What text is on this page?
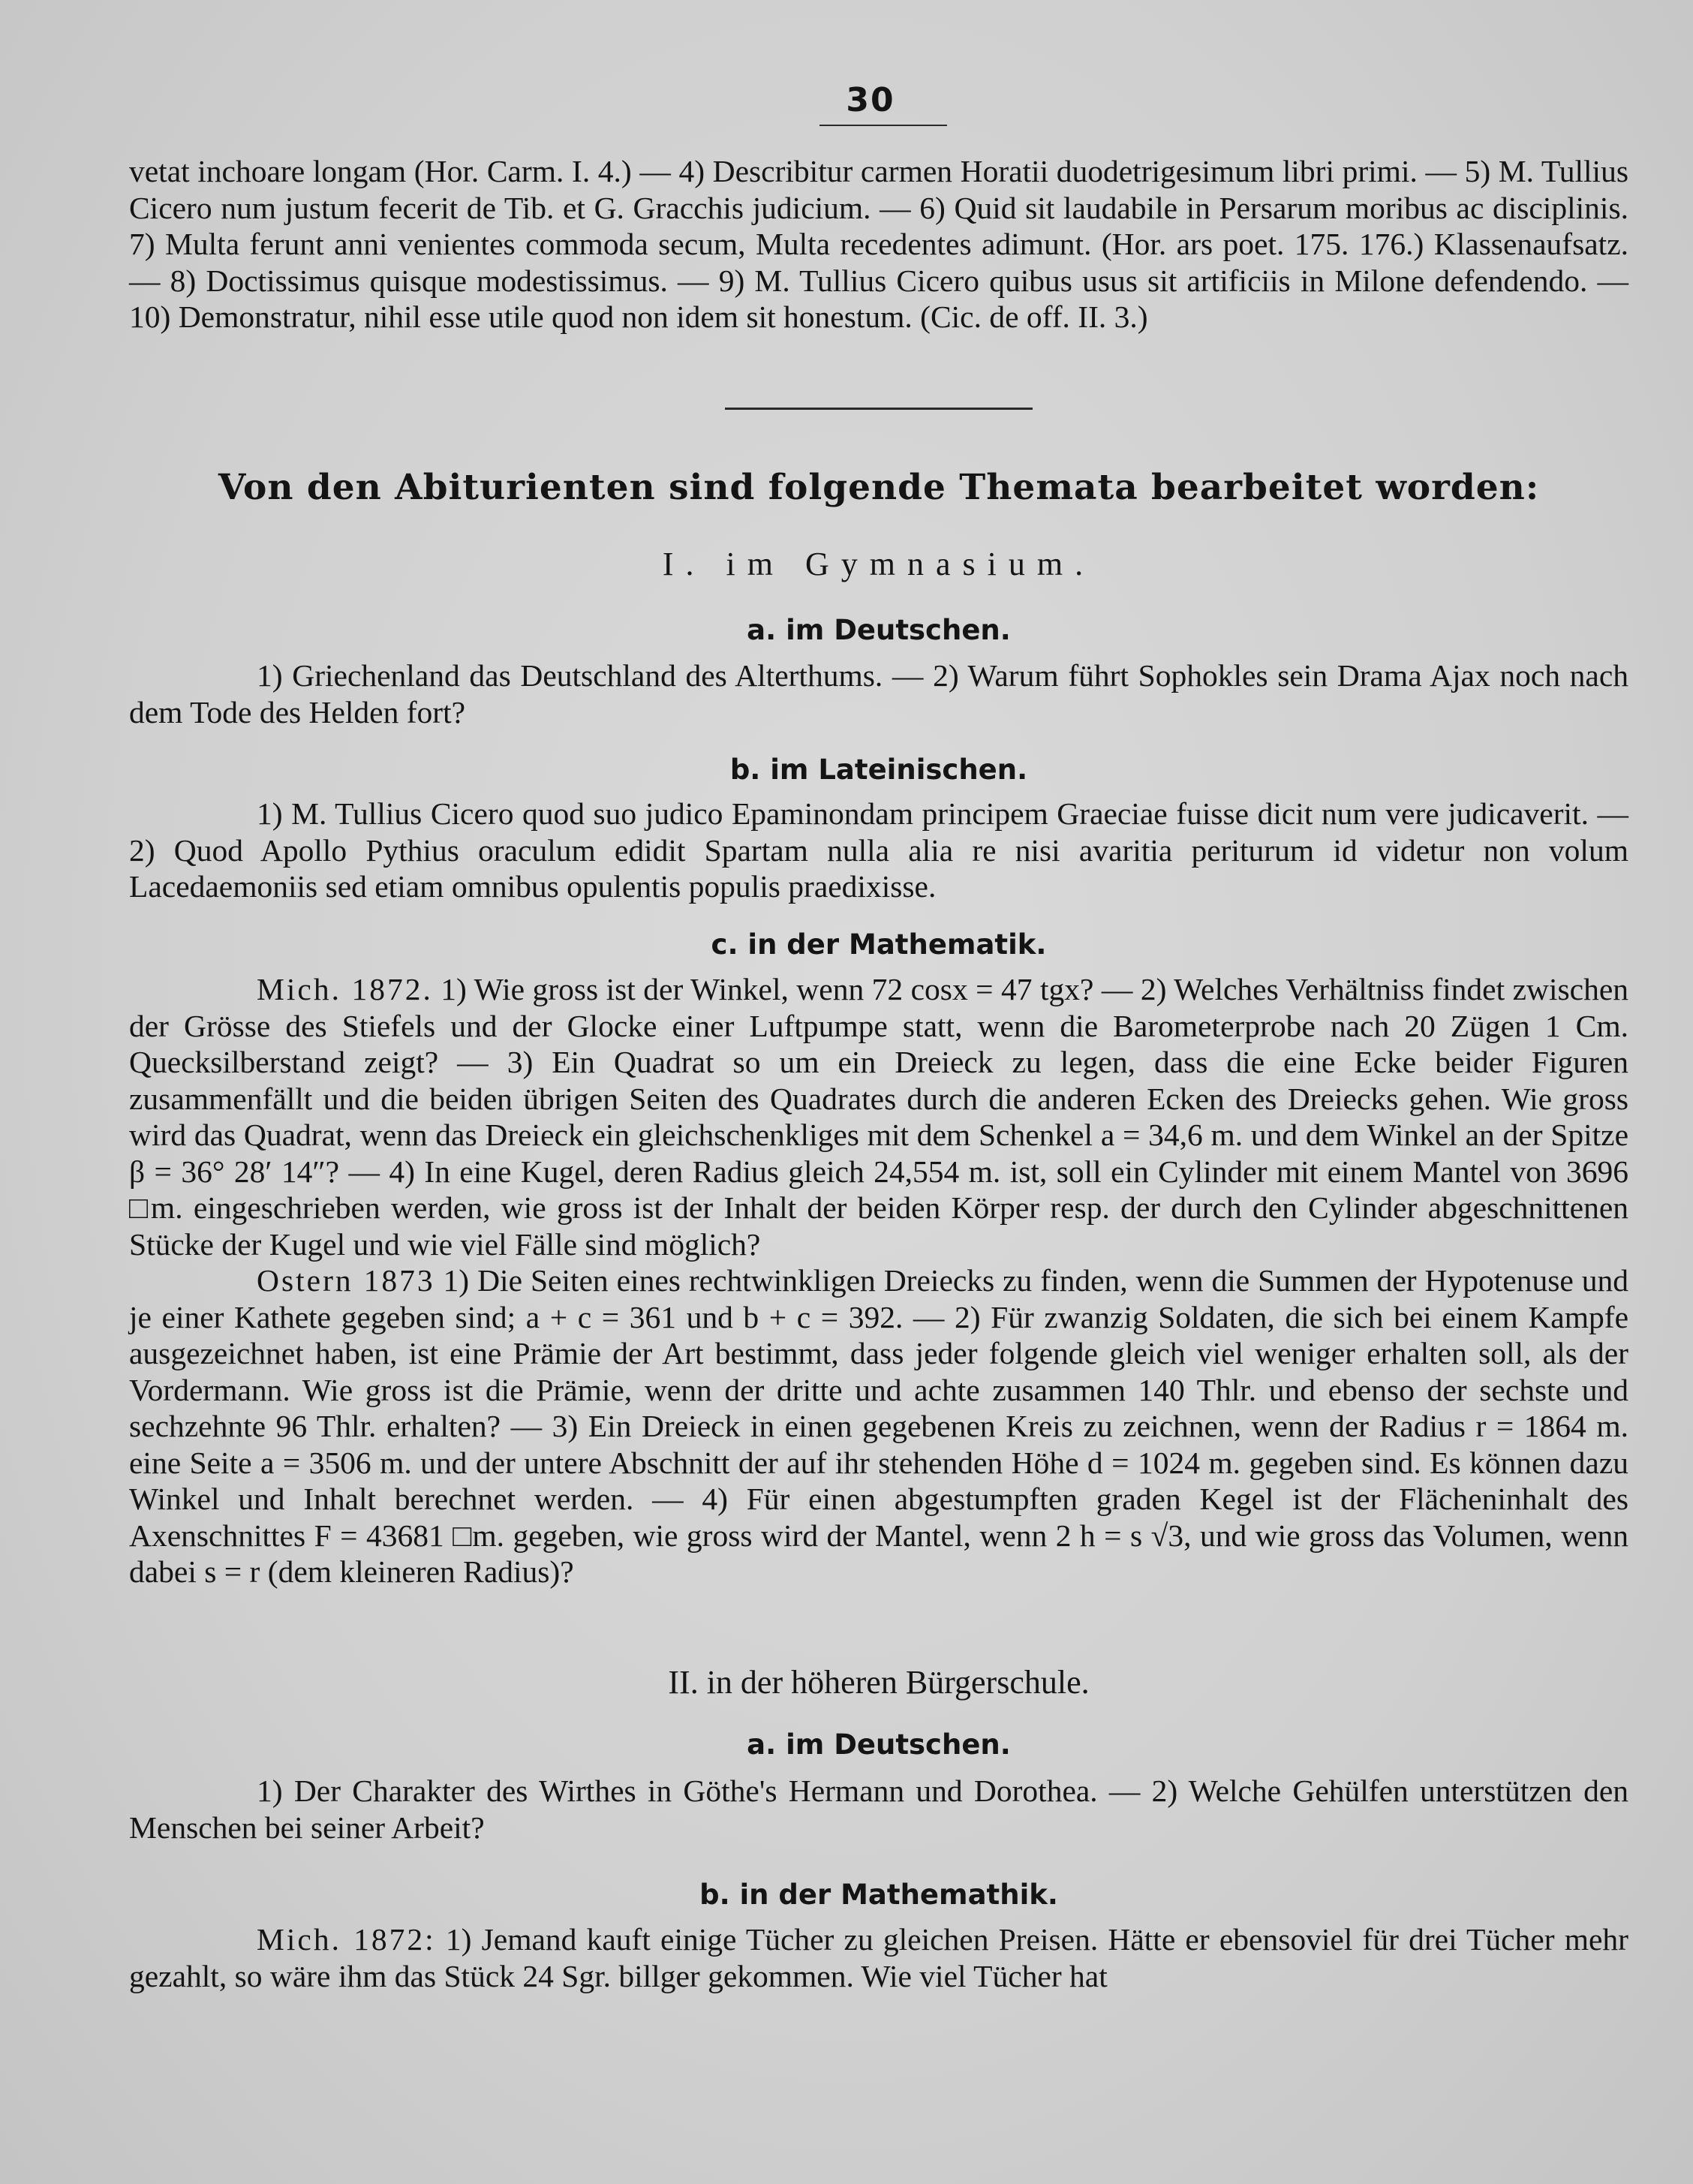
30

vetat inchoare longam (Hor. Carm. I. 4.) — 4) Describitur carmen Horatii duodetrigesimum libri primi. — 5) M. Tullius Cicero num justum fecerit de Tib. et G. Gracchis judicium. — 6) Quid sit laudabile in Persarum moribus ac disciplinis. 7) Multa ferunt anni venientes commoda secum, Multa recedentes adimunt. (Hor. ars poet. 175. 176.) Klassenaufsatz. — 8) Doctissimus quisque modestissimus. — 9) M. Tullius Cicero quibus usus sit artificiis in Milone defendendo. — 10) Demonstratur, nihil esse utile quod non idem sit honestum. (Cic. de off. II. 3.)

Von den Abiturienten sind folgende Themata bearbeitet worden:
I. im Gymnasium.
a. im Deutschen.

1) Griechenland das Deutschland des Alterthums. — 2) Warum führt Sophokles sein Drama Ajax noch nach dem Tode des Helden fort?

b. im Lateinischen.

1) M. Tullius Cicero quod suo judico Epaminondam principem Graeciae fuisse dicit num vere judicaverit. — 2) Quod Apollo Pythius oraculum edidit Spartam nulla alia re nisi avaritia periturum id videtur non volum Lacedaemoniis sed etiam omnibus opulentis populis praedixisse.

c. in der Mathematik.

Mich. 1872. 1) Wie gross ist der Winkel, wenn 72 cosx = 47 tgx? — 2) Welches Verhältniss findet zwischen der Grösse des Stiefels und der Glocke einer Luftpumpe statt, wenn die Barometerprobe nach 20 Zügen 1 Cm. Quecksilberstand zeigt? — 3) Ein Quadrat so um ein Dreieck zu legen, dass die eine Ecke beider Figuren zusammenfällt und die beiden übrigen Seiten des Quadrates durch die anderen Ecken des Dreiecks gehen. Wie gross wird das Quadrat, wenn das Dreieck ein gleichschenkliges mit dem Schenkel a = 34,6 m. und dem Winkel an der Spitze β = 36° 28′ 14″? — 4) In eine Kugel, deren Radius gleich 24,554 m. ist, soll ein Cylinder mit einem Mantel von 3696 □m. eingeschrieben werden, wie gross ist der Inhalt der beiden Körper resp. der durch den Cylinder abgeschnittenen Stücke der Kugel und wie viel Fälle sind möglich?

Ostern 1873 1) Die Seiten eines rechtwinkligen Dreiecks zu finden, wenn die Summen der Hypotenuse und je einer Kathete gegeben sind; a + c = 361 und b + c = 392. — 2) Für zwanzig Soldaten, die sich bei einem Kampfe ausgezeichnet haben, ist eine Prämie der Art bestimmt, dass jeder folgende gleich viel weniger erhalten soll, als der Vordermann. Wie gross ist die Prämie, wenn der dritte und achte zusammen 140 Thlr. und ebenso der sechste und sechzehnte 96 Thlr. erhalten? — 3) Ein Dreieck in einen gegebenen Kreis zu zeichnen, wenn der Radius r = 1864 m. eine Seite a = 3506 m. und der untere Abschnitt der auf ihr stehenden Höhe d = 1024 m. gegeben sind. Es können dazu Winkel und Inhalt berechnet werden. — 4) Für einen abgestumpften graden Kegel ist der Flächeninhalt des Axenschnittes F = 43681 □m. gegeben, wie gross wird der Mantel, wenn 2 h = s √3, und wie gross das Volumen, wenn dabei s = r (dem kleineren Radius)?

II. in der höheren Bürgerschule.
a. im Deutschen.

1) Der Charakter des Wirthes in Göthe's Hermann und Dorothea. — 2) Welche Gehülfen unterstützen den Menschen bei seiner Arbeit?

b. in der Mathemathik.

Mich. 1872: 1) Jemand kauft einige Tücher zu gleichen Preisen. Hätte er ebensoviel für drei Tücher mehr gezahlt, so wäre ihm das Stück 24 Sgr. billger gekommen. Wie viel Tücher hat
